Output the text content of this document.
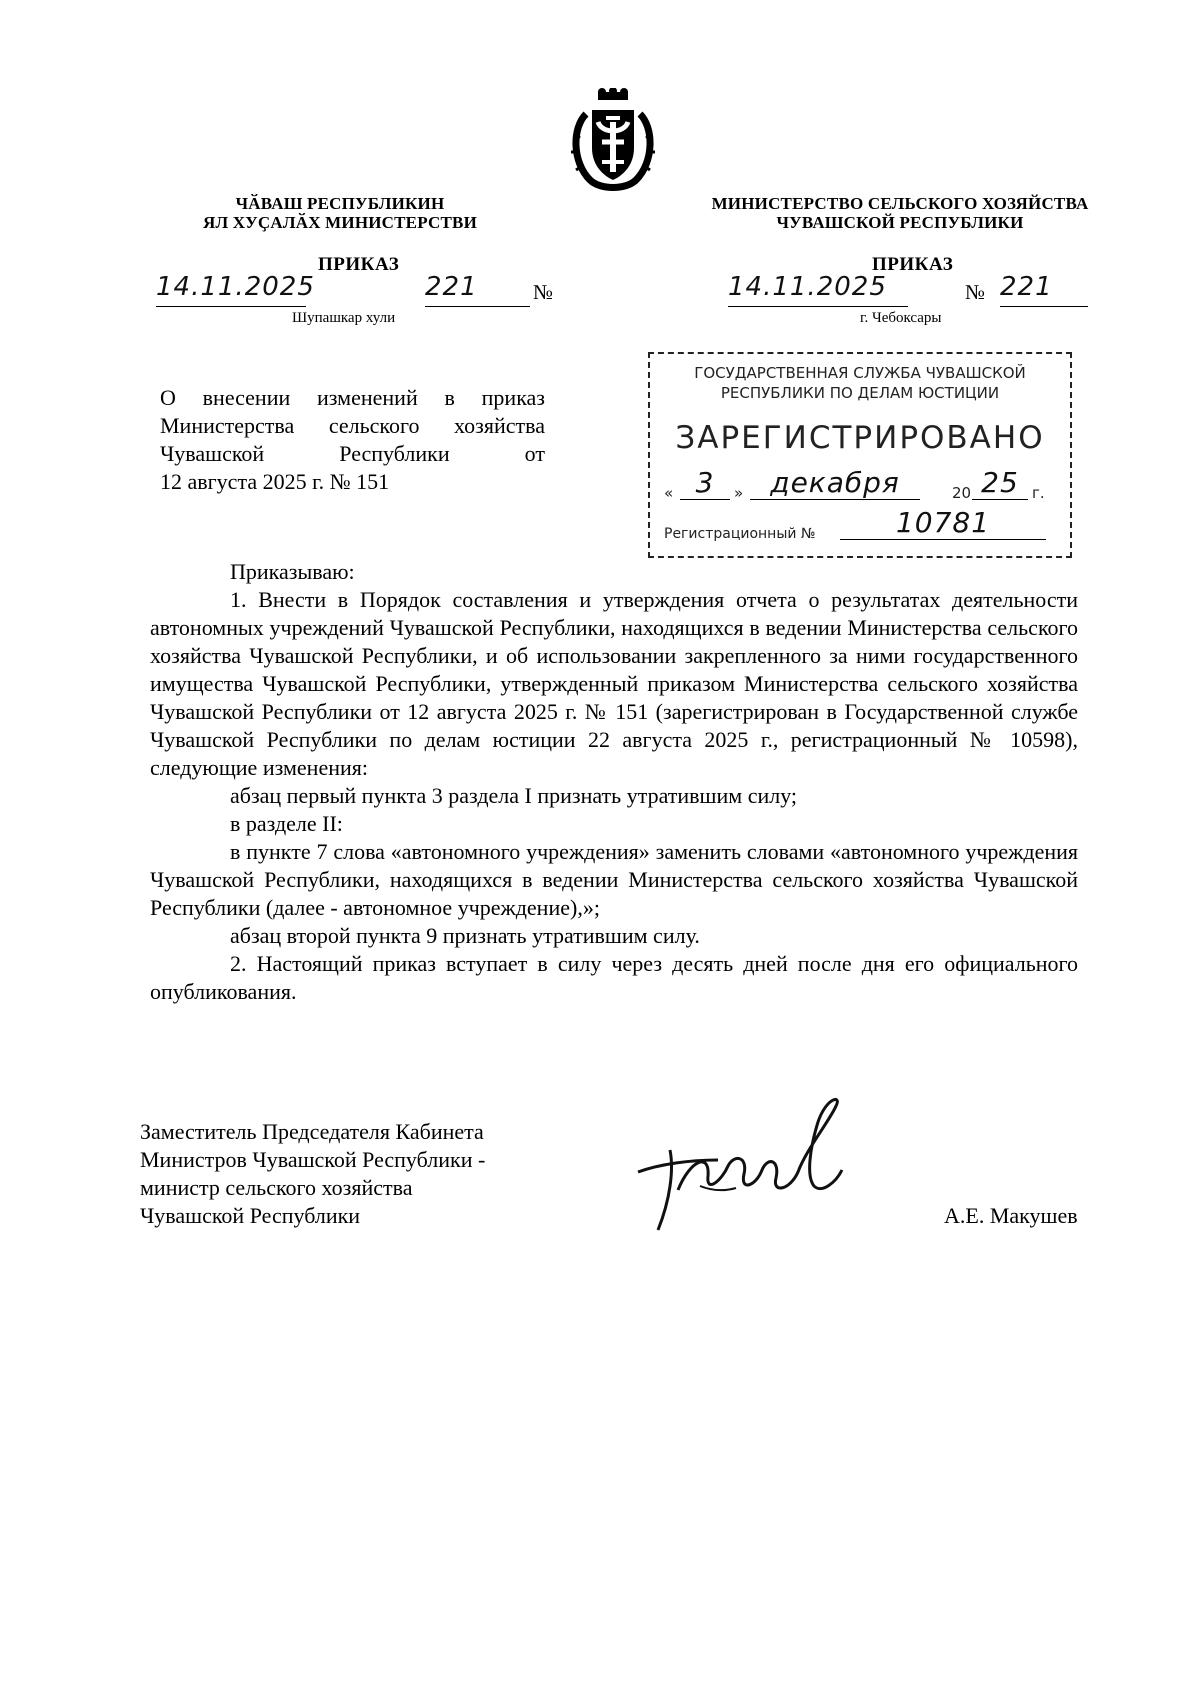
ЧӐВАШ РЕСПУБЛИКИН
ЯЛ ХУҪАЛӐХ МИНИСТЕРСТВИ
МИНИСТЕРСТВО СЕЛЬСКОГО ХОЗЯЙСТВА
ЧУВАШСКОЙ РЕСПУБЛИКИ
ПРИКАЗ	ПРИКАЗ
14.11.2025	221	№
Шупашкар хули
14.11.2025	№ 221
г. Чебоксары
О внесении изменений в приказ
Министерства сельского хозяйства
Чувашской Республики от
12 августа 2025 г. № 151
ГОСУДАРСТВЕННАЯ СЛУЖБА ЧУВАШСКОЙ
РЕСПУБЛИКИ ПО ДЕЛАМ ЮСТИЦИИ
ЗАРЕГИСТРИРОВАНО
« 3	» декабря	20 25 г.
Регистрационный №	10781

Приказываю:

1. Внести в Порядок составления и утверждения отчета о результатах деятельности автономных учреждений Чувашской Республики, находящихся в ведении Министерства сельского хозяйства Чувашской Республики, и об использовании закрепленного за ними государственного имущества Чувашской Республики, утвержденный приказом Министерства сельского хозяйства Чувашской Республики от 12 августа 2025 г. № 151 (зарегистрирован в Государственной службе Чувашской Республики по делам юстиции 22 августа 2025 г., регистрационный № 10598), следующие изменения:

абзац первый пункта 3 раздела I признать утратившим силу;

в разделе II:

в пункте 7 слова «автономного учреждения» заменить словами «автономного учреждения Чувашской Республики, находящихся в ведении Министерства сельского хозяйства Чувашской Республики (далее - автономное учреждение),»;

абзац второй пункта 9 признать утратившим силу.

2. Настоящий приказ вступает в силу через десять дней после дня его официального опубликования.

Заместитель Председателя Кабинета
Министров Чувашской Республики -
министр сельского хозяйства
Чувашской Республики	А.Е. Макушев
